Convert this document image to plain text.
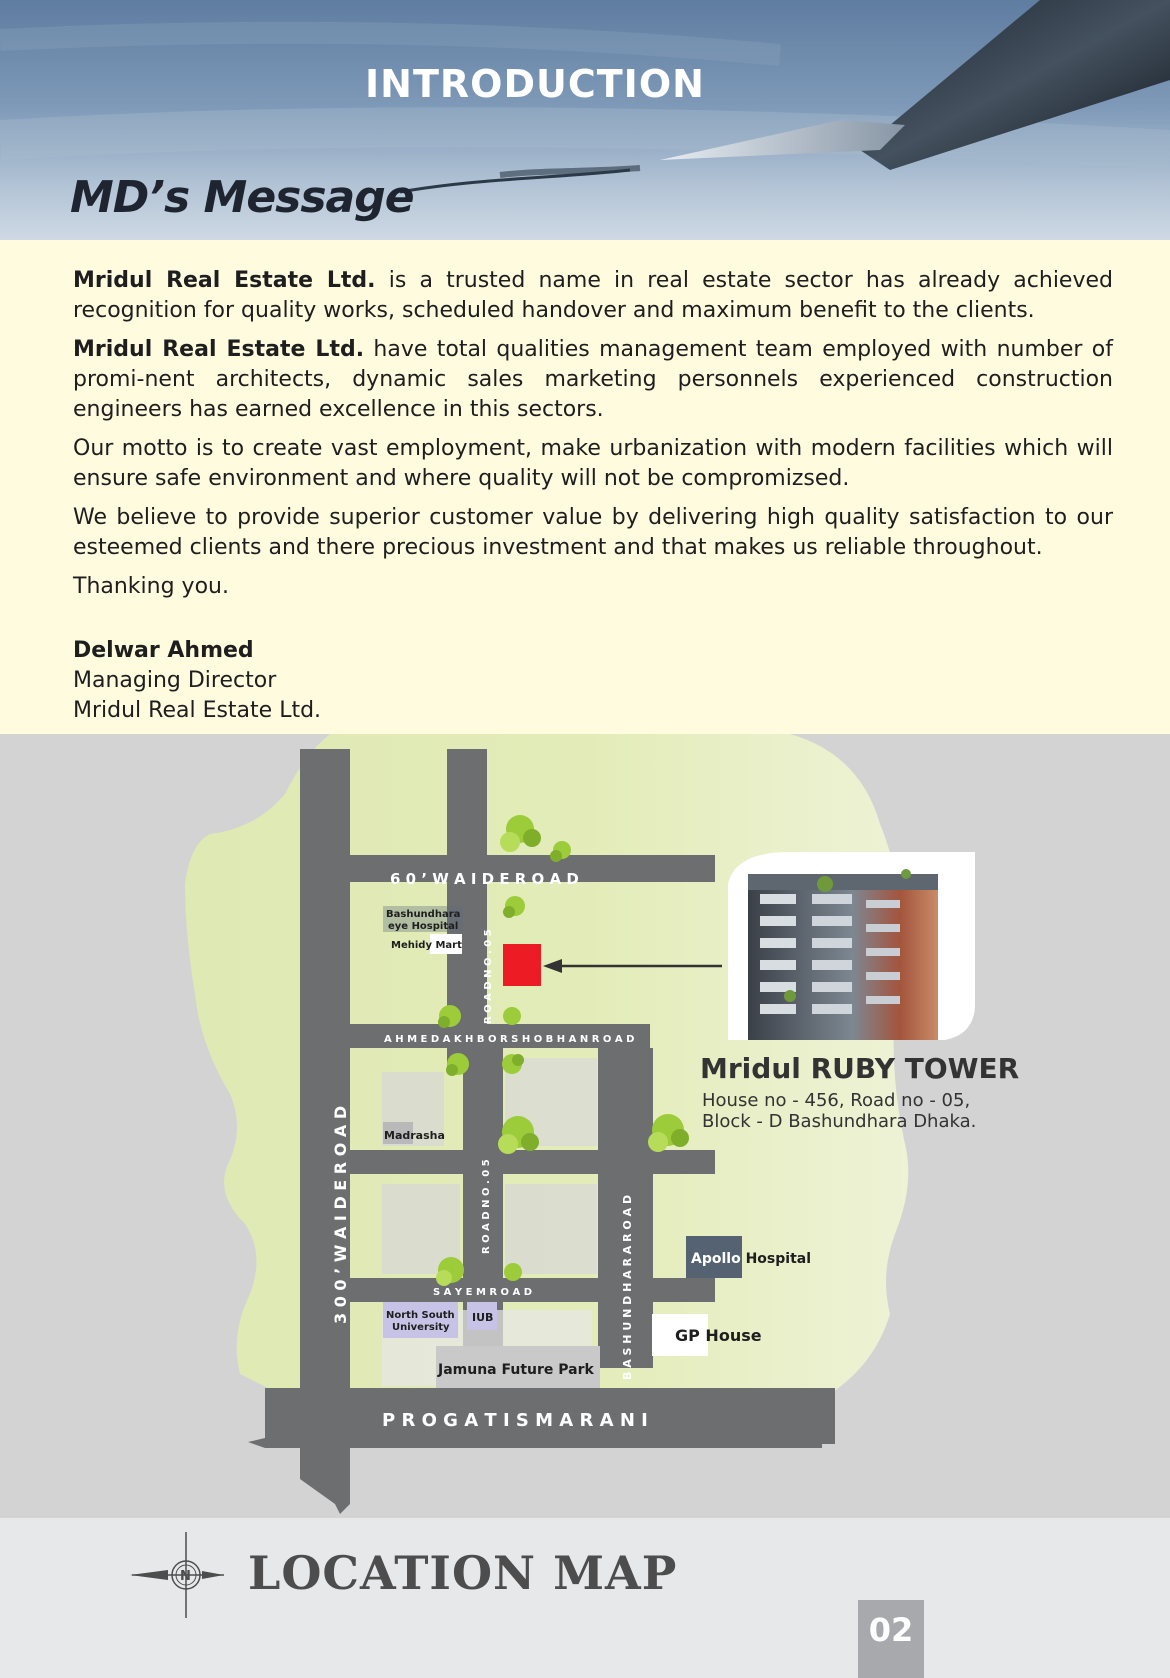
INTRODUCTION
MD’s Message

Mridul Real Estate Ltd. is a trusted name in real estate sector has already achieved recognition for quality works, scheduled handover and maximum benefit to the clients.

Mridul Real Estate Ltd. have total qualities management team employed with number of promi-nent architects, dynamic sales marketing personnels experienced construction engineers has earned excellence in this sectors.

Our motto is to create vast employment, make urbanization with modern facilities which will ensure safe environment and where quality will not be compromizsed.

We believe to provide superior customer value by delivering high quality satisfaction to our esteemed clients and there precious investment and that makes us reliable throughout.

Thanking you.

Delwar Ahmed
Managing Director
Mridul Real Estate Ltd.
6 0 ’ W A I D E R O A D
3 0 0 ’ W A I D E R O A D
R O A D N O . 0 5
A H M E D A K H B O R S H O B H A N R O A D
R O A D N O . 0 5
S A Y E M R O A D	B A S H U N D H A R A R O A D
P R O G A T I S M A R A N I
Bashundhara
eye Hospital
Mehidy Mart
Madrasha
North South
University
IUB
Jamuna Future Park
Apollo Hospital
GP House
Mridul RUBY TOWER
House no - 456, Road no - 05,
Block - D Bashundhara Dhaka.
N LOCATION MAP
02
